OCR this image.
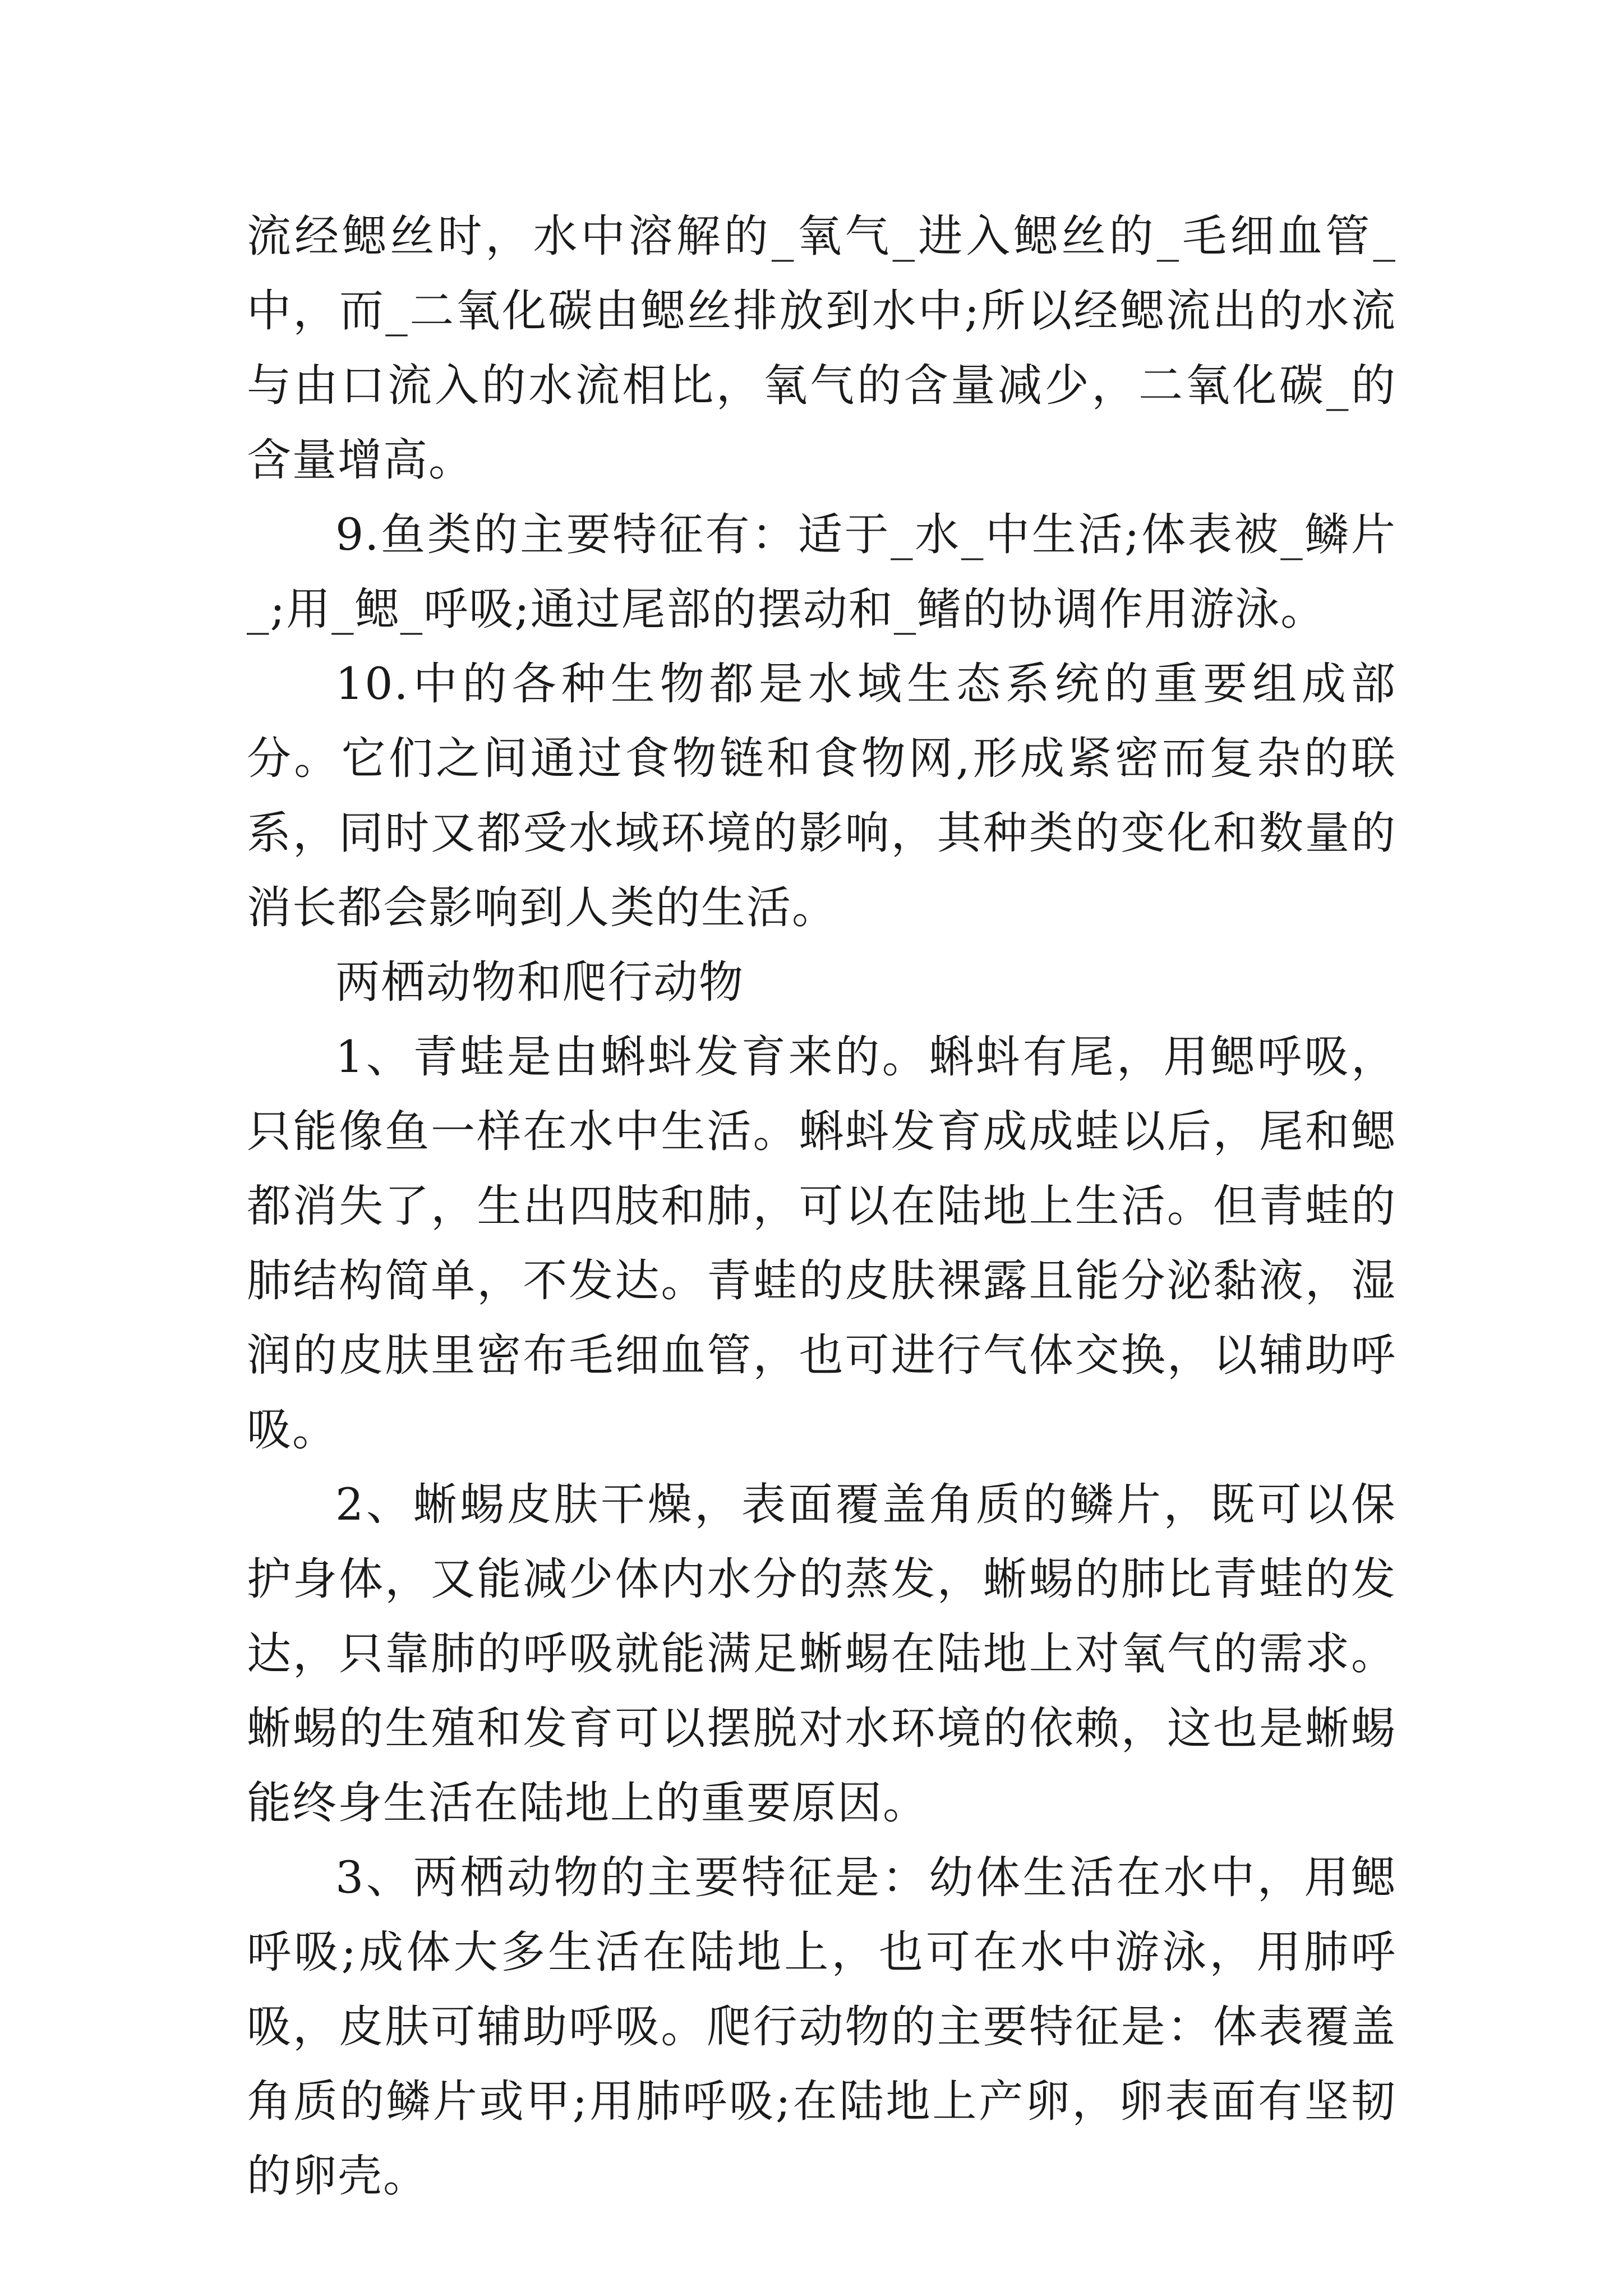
流经鳃丝时，水中溶解的_氧气_进入鳃丝的_毛细血管_中，而_二氧化碳由鳃丝排放到水中;所以经鳃流出的水流与由口流入的水流相比，氧气的含量减少，二氧化碳_的含量增高。

9.鱼类的主要特征有：适于_水_中生活;体表被_鳞片_;用_鳃_呼吸;通过尾部的摆动和_鳍的协调作用游泳。

10.中的各种生物都是水域生态系统的重要组成部分。它们之间通过食物链和食物网,形成紧密而复杂的联系，同时又都受水域环境的影响，其种类的变化和数量的消长都会影响到人类的生活。

两栖动物和爬行动物

1、青蛙是由蝌蚪发育来的。蝌蚪有尾，用鳃呼吸，只能像鱼一样在水中生活。蝌蚪发育成成蛙以后，尾和鳃都消失了，生出四肢和肺，可以在陆地上生活。但青蛙的肺结构简单，不发达。青蛙的皮肤裸露且能分泌黏液，湿润的皮肤里密布毛细血管，也可进行气体交换，以辅助呼吸。

2、蜥蜴皮肤干燥，表面覆盖角质的鳞片，既可以保护身体，又能减少体内水分的蒸发，蜥蜴的肺比青蛙的发达，只靠肺的呼吸就能满足蜥蜴在陆地上对氧气的需求。蜥蜴的生殖和发育可以摆脱对水环境的依赖，这也是蜥蜴能终身生活在陆地上的重要原因。

3、两栖动物的主要特征是：幼体生活在水中，用鳃呼吸;成体大多生活在陆地上，也可在水中游泳，用肺呼吸，皮肤可辅助呼吸。爬行动物的主要特征是：体表覆盖角质的鳞片或甲;用肺呼吸;在陆地上产卵，卵表面有坚韧的卵壳。
